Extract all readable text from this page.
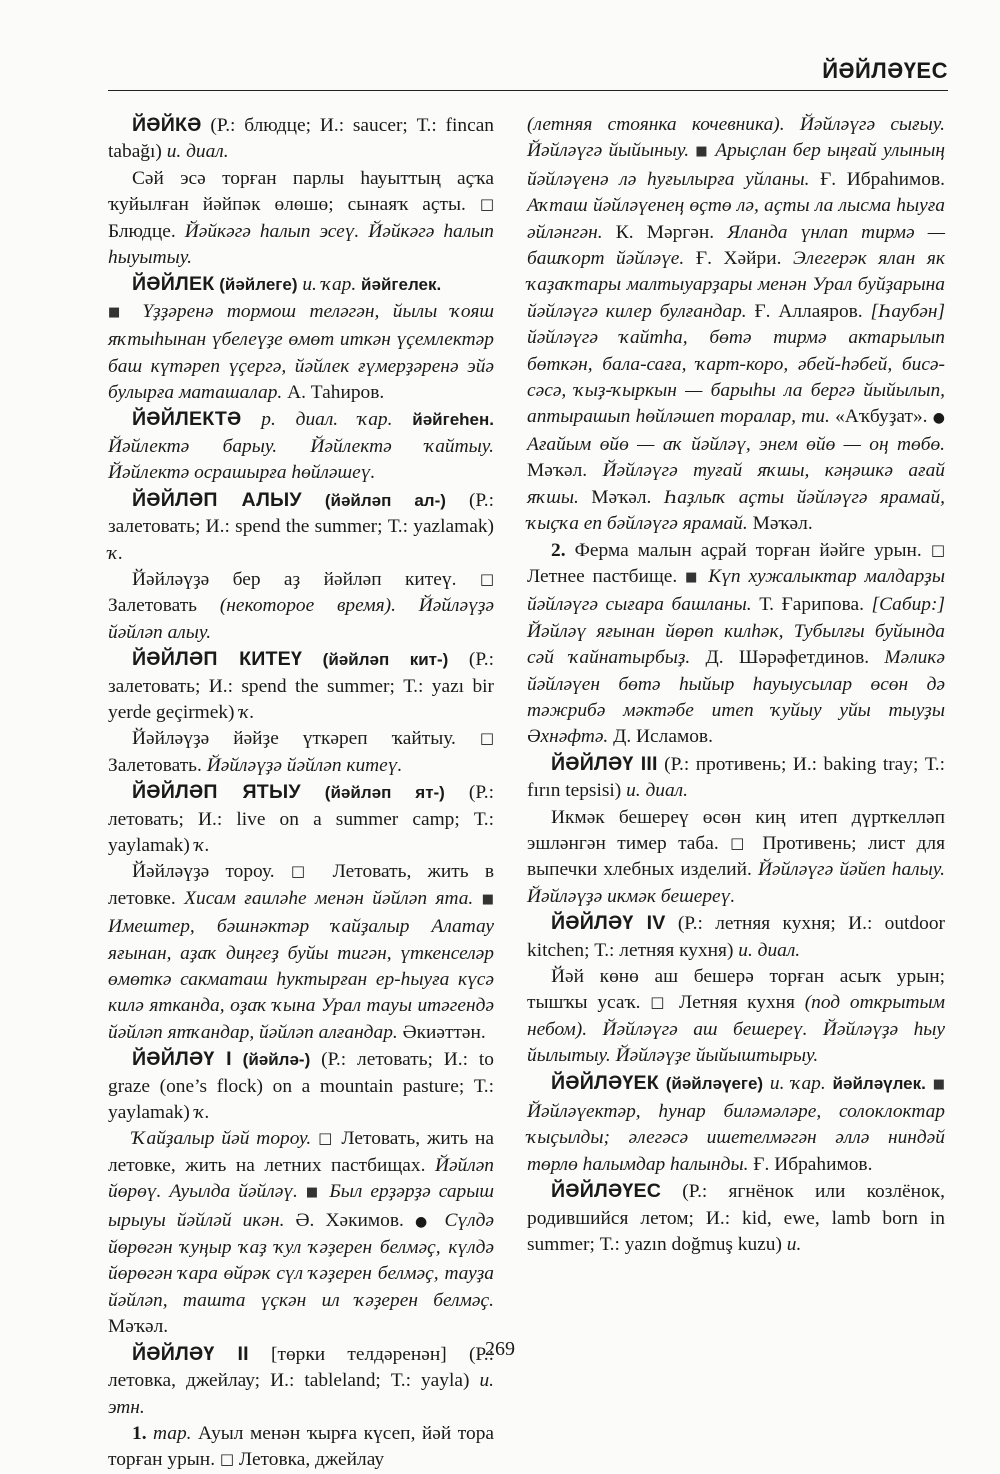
ЙӘЙЛӘҮЕС

ЙӘЙКӘ (Р.: блюдце; И.: saucer; Т.: fincan tabağı) и. диал.

Сәй эсә торған парлы һауыттың аҫҡа ҡуйылған йәйпәк өлөшө; сынаяҡ аҫты. □ Блюдце. Йәйкәгә һалып эсеү. Йәйкәгә һалып һыуытыу.

ЙӘЙЛЕК (йәйлеге) и. ҡар. йәйгелек.

■ Үҙҙәренә тормош теләгән, йылы ҡояш яҡтыһынан үбелеүҙе өмөт иткән үҫемлектәр баш күтәреп үҫергә, йәйлек ғүмерҙәренә эйә булырға маташалар. А. Таһиров.

ЙӘЙЛЕКТӘ р. диал. ҡар. йәйгеһен. Йәйлектә барыу. Йәйлектә ҡайтыу. Йәйлектә осрашырға һөйләшеү.

ЙӘЙЛӘП АЛЫУ (йәйләп ал-) (Р.: залетовать; И.: spend the summer; Т.: yazlamak) ҡ.

Йәйләүҙә бер аҙ йәйләп китеү. □ Залетовать (некоторое время). Йәйләүҙә йәйләп алыу.

ЙӘЙЛӘП КИТЕҮ (йәйләп кит-) (Р.: залетовать; И.: spend the summer; Т.: yazı bir yerde geçirmek) ҡ.

Йәйләүҙә йәйҙе үткәреп ҡайтыу. □ Залетовать. Йәйләүҙә йәйләп китеү.

ЙӘЙЛӘП ЯТЫУ (йәйләп ят-) (Р.: летовать; И.: live on a summer camp; Т.: yaylamak) ҡ.

Йәйләүҙә тороу. □ Летовать, жить в летовке. Хисам ғаиләһе менән йәйләп ята. ■ Имештер, бәшнәктәр ҡайҙалыр Алатау яғынан, аҙаҡ диңгеҙ буйы тигән, үткенселәр өмөткә сакматаш һуктырған ер-һыуға күсә килә ятканда, оҙаҡ ҡына Урал тауы итәгендә йәйләп ятҡандар, йәйләп алғандар. Әкиәттән.

ЙӘЙЛӘҮ I (йәйлә-) (Р.: летовать; И.: to graze (one’s flock) on a mountain pasture; Т.: yaylamak) ҡ.

Ҡайҙалыр йәй тороу. □ Летовать, жить на летовке, жить на летних пастбищах. Йәйләп йөрөү. Ауылда йәйләү. ■ Был ерҙәрҙә сарыш ырыуы йәйләй икән. Ә. Хәкимов. ● Сүлдә йөрөгән ҡуңыр ҡаҙ ҡул ҡәҙерен белмәҫ, күлдә йөрөгән ҡара өйрәк сүл ҡәҙерен белмәҫ, тауҙа йәйләп, ташта үҫкән ил ҡәҙерен белмәҫ. Мәҡәл.

ЙӘЙЛӘҮ II [төрки телдәренән] (Р.: летовка, джейлау; И.: tableland; Т.: yayla) и. этн.

1. тар. Ауыл менән ҡырға күсеп, йәй тора торған урын. □ Летовка, джейлау

(летняя стоянка кочевника). Йәйләүгә сығыу. Йәйләүгә йыйыныу. ■ Арыҫлан бер ыңғай улының йәйләүенә лә һуғылырға уйланы. Ғ. Ибраһимов. Аҡташ йәйләүенең өҫтө лә, аҫты ла лысма һыуға әйләнгән. К. Мәргән. Яланда үнлап тирмә — башҡорт йәйләүе. Ғ. Хәйри. Элегерәк ялан як ҡаҙаҡтары малтыуарҙары менән Урал буйҙарына йәйләүгә килер булғандар. Ғ. Аллаяров. [Һаубән] йәйләүгә ҡайтһа, бөтә тирмә актарылып бөткән, бала-сағa, ҡарт-коро, әбей-һәбей, бисә-сәсә, ҡыҙ-ҡыркын — барыһы ла бергә йыйылып, аптырашып һөйләшеп торалар, ти. «Аҡбуҙат». ● Ағайым өйө — аҡ йәйләү, энем өйө — оң төбө. Мәҡәл. Йәйләүгә туғай яҡшы, кәңәшкә ағай яҡшы. Мәҡәл. Һаҙлыҡ аҫты йәйләүгә ярамай, ҡыҫҡа еп бәйләүгә ярамай. Мәҡәл.

2. Ферма малын аҫрай торған йәйге урын. □ Летнее пастбище. ■ Күп хужалыктар малдарҙы йәйләүгә сығара башланы. Т. Ғарипова. [Сабир:] Йәйләү яғынан йөрөп килһәк, Тубылғы буйында сәй ҡайнатырбыҙ. Д. Шәрәфетдинов. Мәликә йәйләүен бөтә һыйыр һауыусылар өсөн дә тәжрибә мәктәбе итеп ҡуйыу уйы тыуҙы Әхнәфтә. Д. Исламов.

ЙӘЙЛӘҮ III (Р.: противень; И.: baking tray; Т.: fırın tepsisi) и. диал.

Икмәк бешереү өсөн киң итеп дүрткелләп эшләнгән тимер таба. □ Противень; лист для выпечки хлебных изделий. Йәйләүгә йәйеп һалыу. Йәйләүҙә икмәк бешереү.

ЙӘЙЛӘҮ IV (Р.: летняя кухня; И.: outdoor kitchen; Т.: летняя кухня) и. диал.

Йәй көнө аш бешерә торған асыҡ урын; тышҡы усаҡ. □ Летняя кухня (под открытым небом). Йәйләүгә аш бешереү. Йәйләүҙә һыу йылытыу. Йәйләүҙе йыйыштырыу.

ЙӘЙЛӘҮЕК (йәйләүеге) и. ҡар. йәйләүлек. ■ Йәйләүектәр, һунар биләмәләре, солоклоктар ҡыҫылды; әлегәсә ишетелмәгән әллә ниндәй төрлө һалымдар һалынды. Ғ. Ибраһимов.

ЙӘЙЛӘҮЕС (Р.: ягнёнок или козлёнок, родившийся летом; И.: kid, ewe, lamb born in summer; Т.: yazın doğmuş kuzu) и.

269
